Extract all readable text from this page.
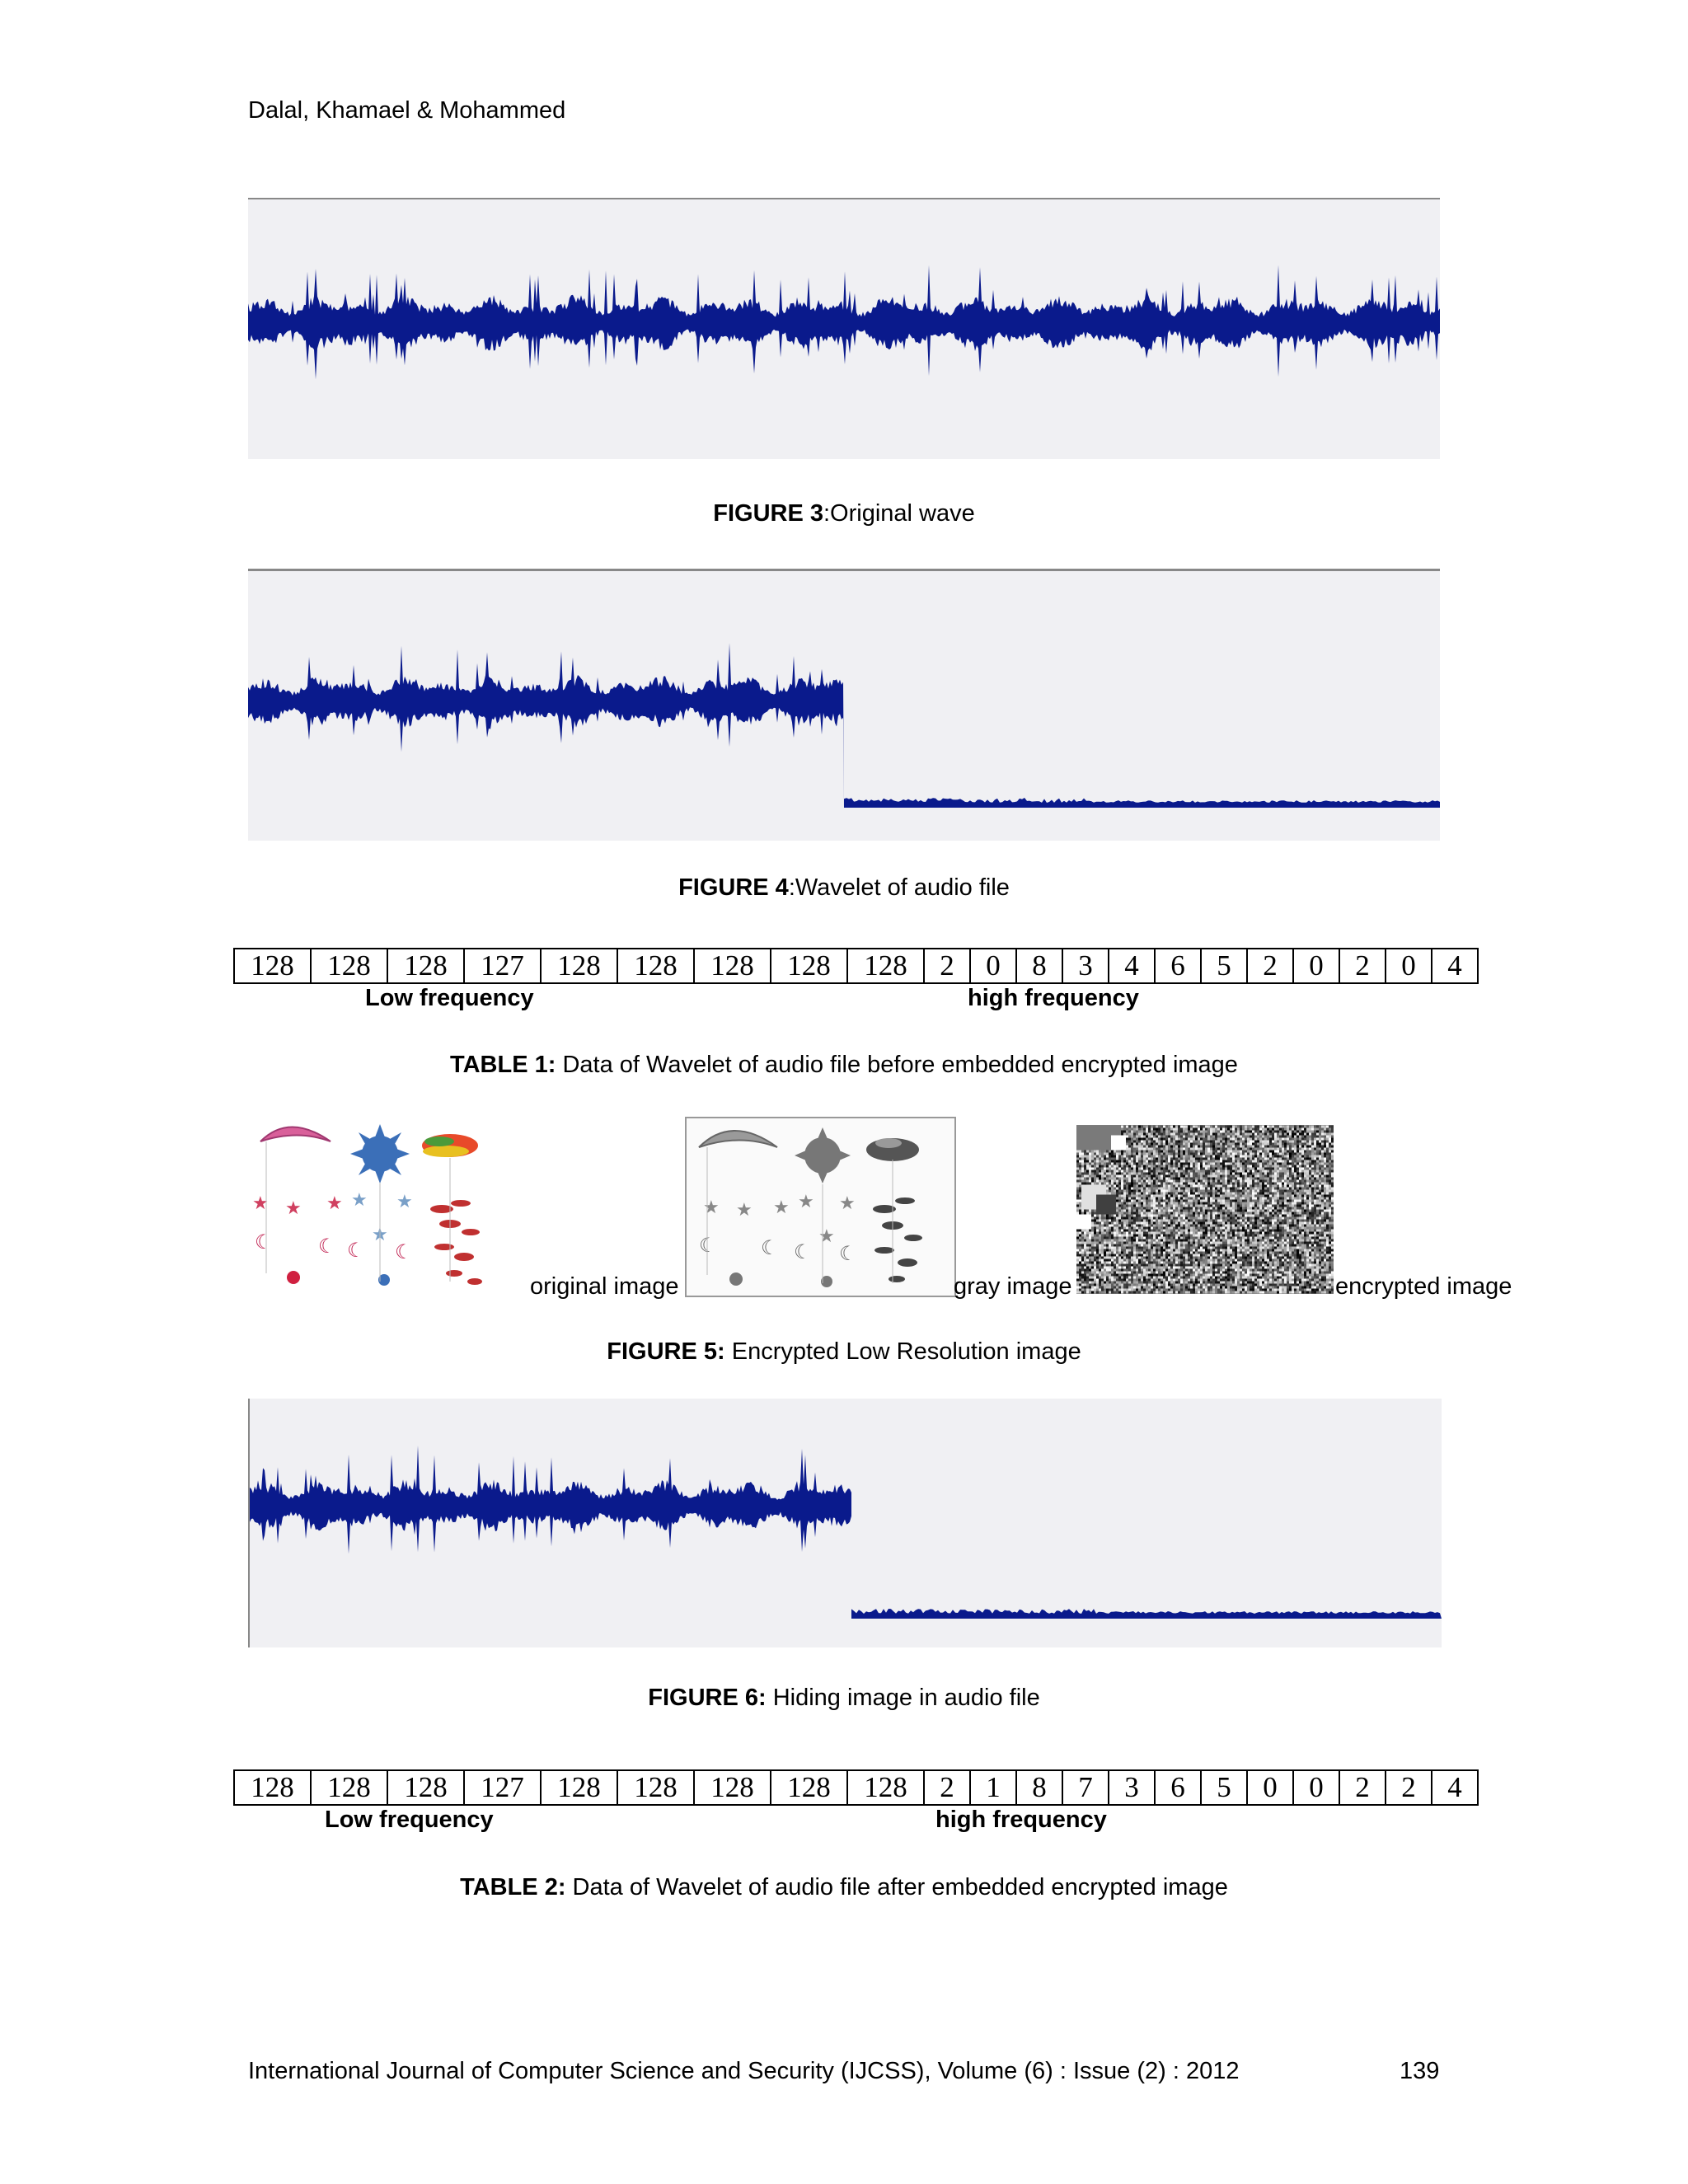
Dalal, Khamael & Mohammed
FIGURE 3:Original wave
FIGURE 4:Wavelet of audio file
128	128	128	127	128	128	128	128	128	2	0	8	3	4	6	5	2	0	2	0	4
Low frequency	high frequency
TABLE 1: Data of Wavelet of audio file before embedded encrypted image
★ ★ ★ ★ ★
★
☾ ☾ ☾ ☾
original image
★ ★ ★ ★ ★
★
☾ ☾ ☾ ☾
gray image	encrypted image
FIGURE 5: Encrypted Low Resolution image
FIGURE 6: Hiding image in audio file
128	128	128	127	128	128	128	128	128	2	1	8	7	3	6	5	0	0	2	2	4
Low frequency	high frequency
TABLE 2: Data of Wavelet of audio file after embedded encrypted image
International Journal of Computer Science and Security (IJCSS), Volume (6) : Issue (2) : 2012	139
